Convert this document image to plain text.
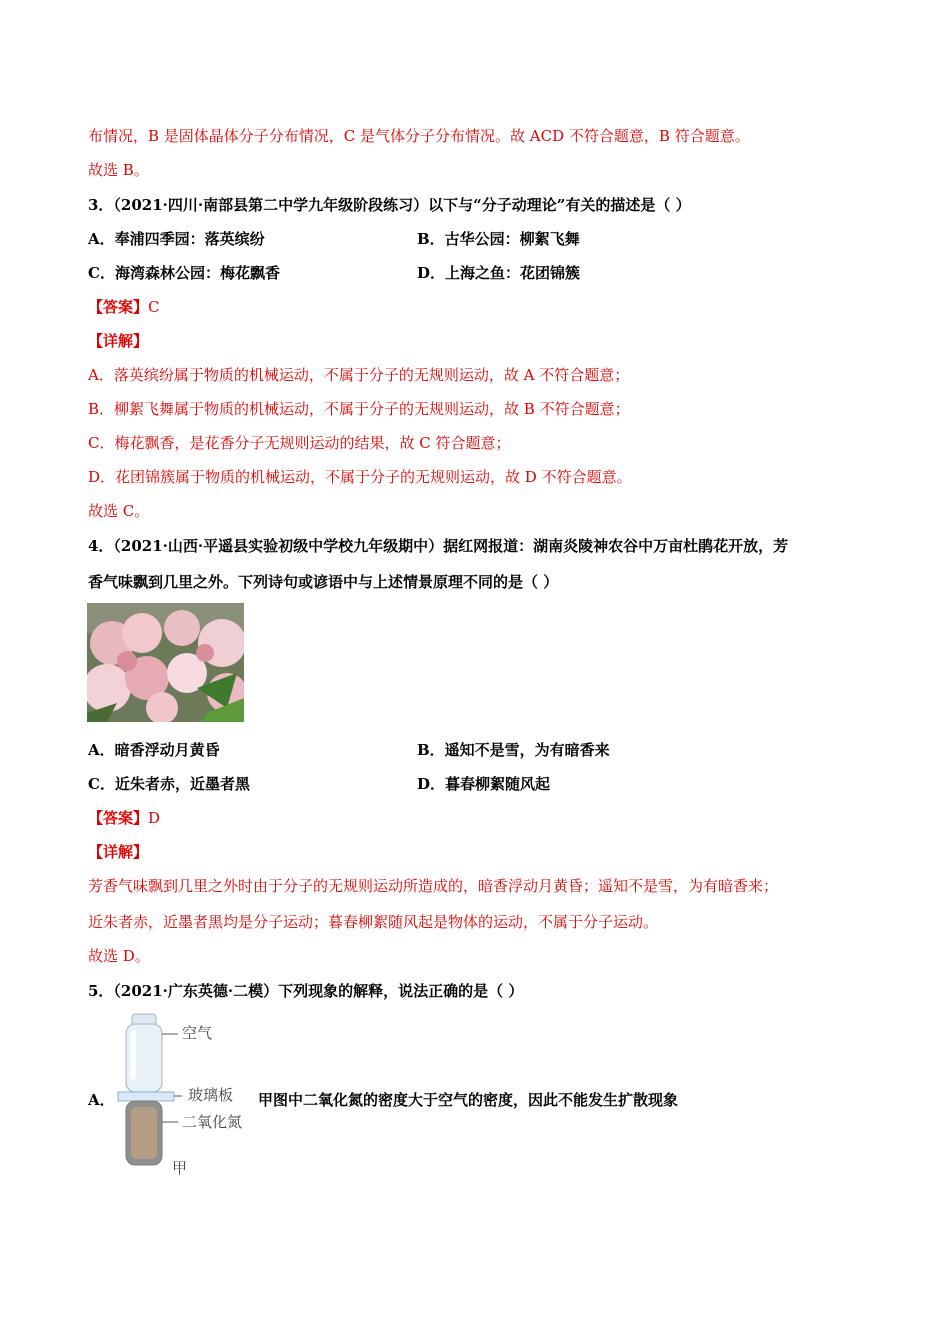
布情况，B 是固体晶体分子分布情况，C 是气体分子分布情况。故 ACD 不符合题意，B 符合题意。
故选 B。
3．（2021·四川·南部县第二中学九年级阶段练习）以下与“分子动理论”有关的描述是（ ）
A．奉浦四季园：落英缤纷	B．古华公园：柳絮飞舞
C．海湾森林公园：梅花飘香	D．上海之鱼：花团锦簇
【答案】C
【详解】
A．落英缤纷属于物质的机械运动，不属于分子的无规则运动，故 A 不符合题意；
B．柳絮飞舞属于物质的机械运动，不属于分子的无规则运动，故 B 不符合题意；
C．梅花飘香，是花香分子无规则运动的结果，故 C 符合题意；
D．花团锦簇属于物质的机械运动，不属于分子的无规则运动，故 D 不符合题意。
故选 C。
4．（2021·山西·平遥县实验初级中学校九年级期中）据红网报道：湖南炎陵神农谷中万亩杜鹃花开放，芳
香气味飘到几里之外。下列诗句或谚语中与上述情景原理不同的是（ ）
A．暗香浮动月黄昏	B．遥知不是雪，为有暗香来
C．近朱者赤，近墨者黑	D．暮春柳絮随风起
【答案】D
【详解】
芳香气味飘到几里之外时由于分子的无规则运动所造成的，暗香浮动月黄昏；遥知不是雪，为有暗香来；
近朱者赤，近墨者黑均是分子运动；暮春柳絮随风起是物体的运动，不属于分子运动。
故选 D。
5．（2021·广东英德·二模）下列现象的解释，说法正确的是（ ）
空气
玻璃板
二氧化氮
甲
A．	甲图中二氧化氮的密度大于空气的密度，因此不能发生扩散现象
